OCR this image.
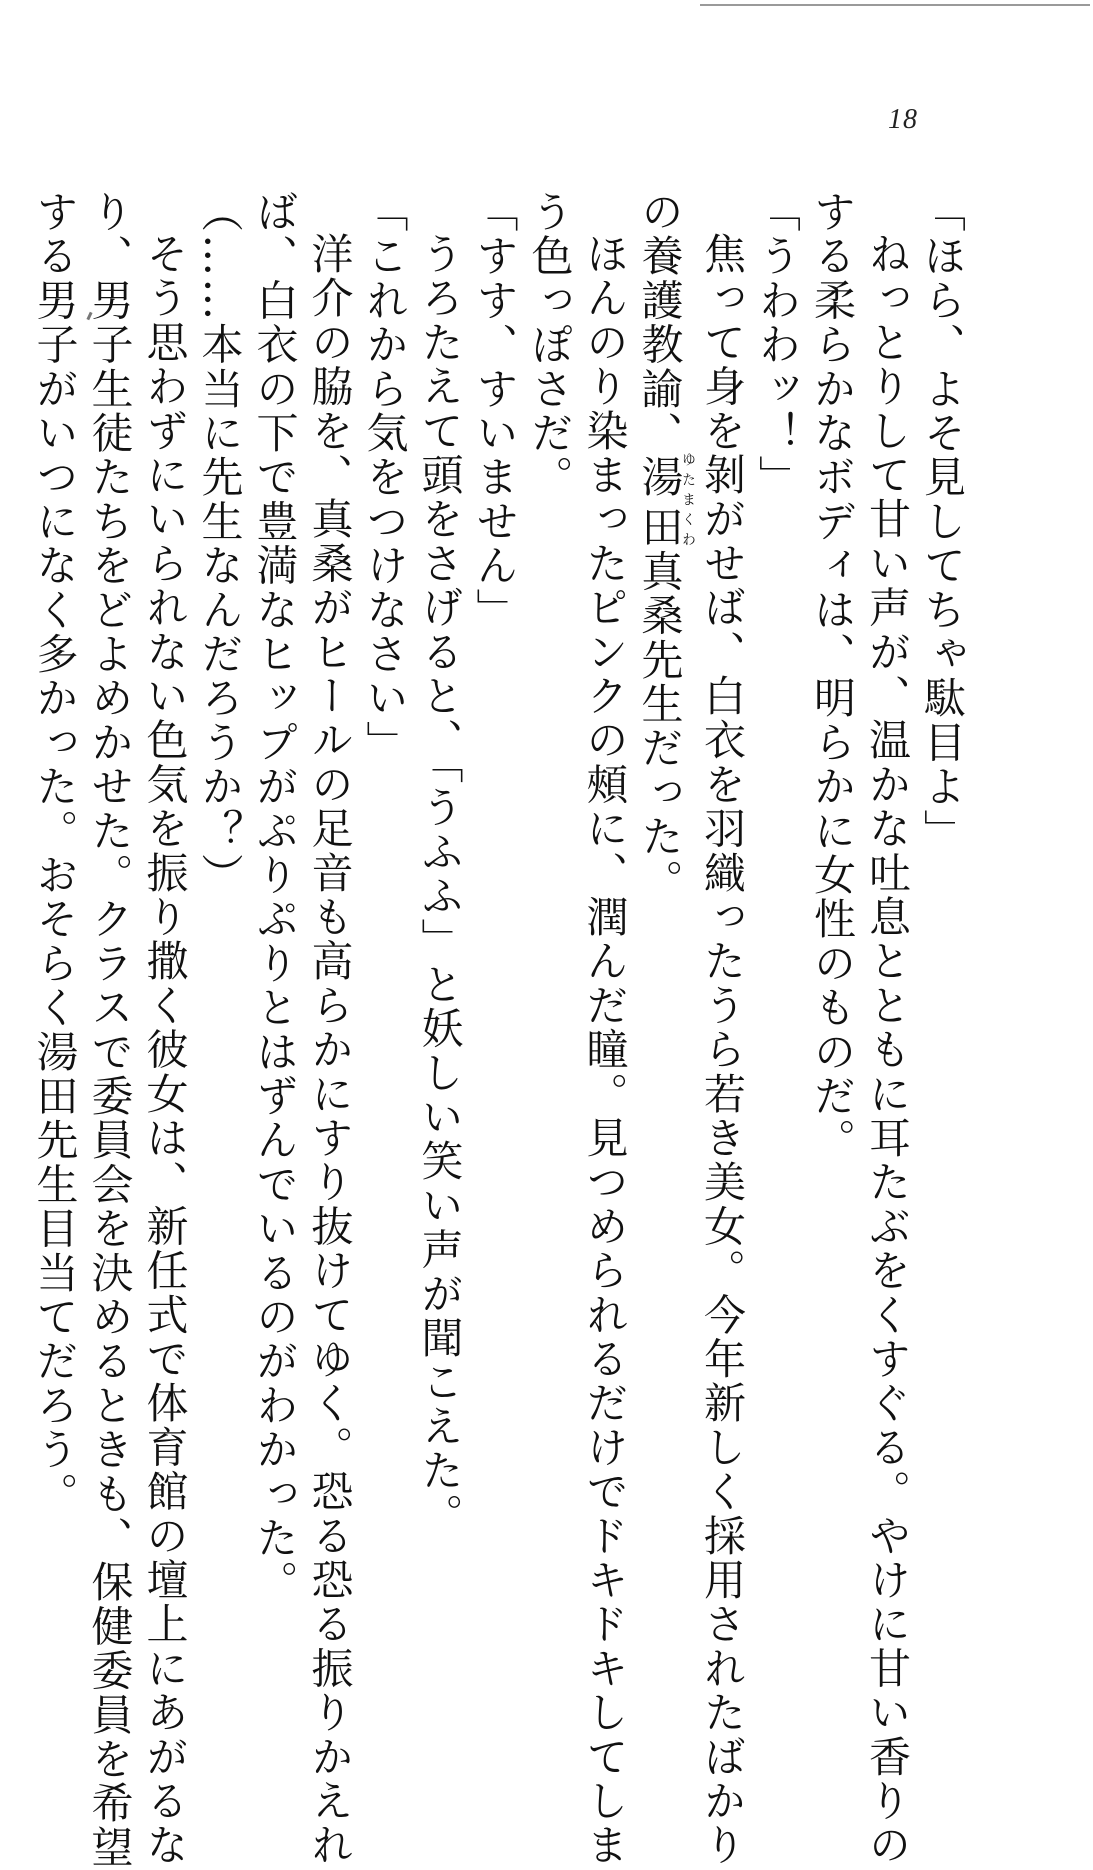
18
「ほら、よそ見してちゃ駄目よ」
ねっとりして甘い声が、温かな吐息とともに耳たぶをくすぐる。やけに甘い香りの
する柔らかなボディは、明らかに女性のものだ。
「うわわッ！」
焦って身を剝がせば、白衣を羽織ったうら若き美女。今年新しく採用されたばかり
の養護教諭、湯田ゆたまくわ真桑先生だった。
ほんのり染まったピンクの頰に、潤んだ瞳。見つめられるだけでドキドキしてしま
う色っぽさだ。
「すす、すいません」
うろたえて頭をさげると、「うふふ」と妖しい笑い声が聞こえた。
「これから気をつけなさい」
洋介の脇を、真桑がヒールの足音も高らかにすり抜けてゆく。恐る恐る振りかえれ
ば、白衣の下で豊満なヒップがぷりぷりとはずんでいるのがわかった。
（……本当に先生なんだろうか？）
そう思わずにいられない色気を振り撒く彼女は、新任式で体育館の壇上にあがるな
り、男子生徒たちをどよめかせた。クラスで委員会を決めるときも、保健委員を希望
する男子がいつになく多かった。おそらく湯田先生目当てだろう。
